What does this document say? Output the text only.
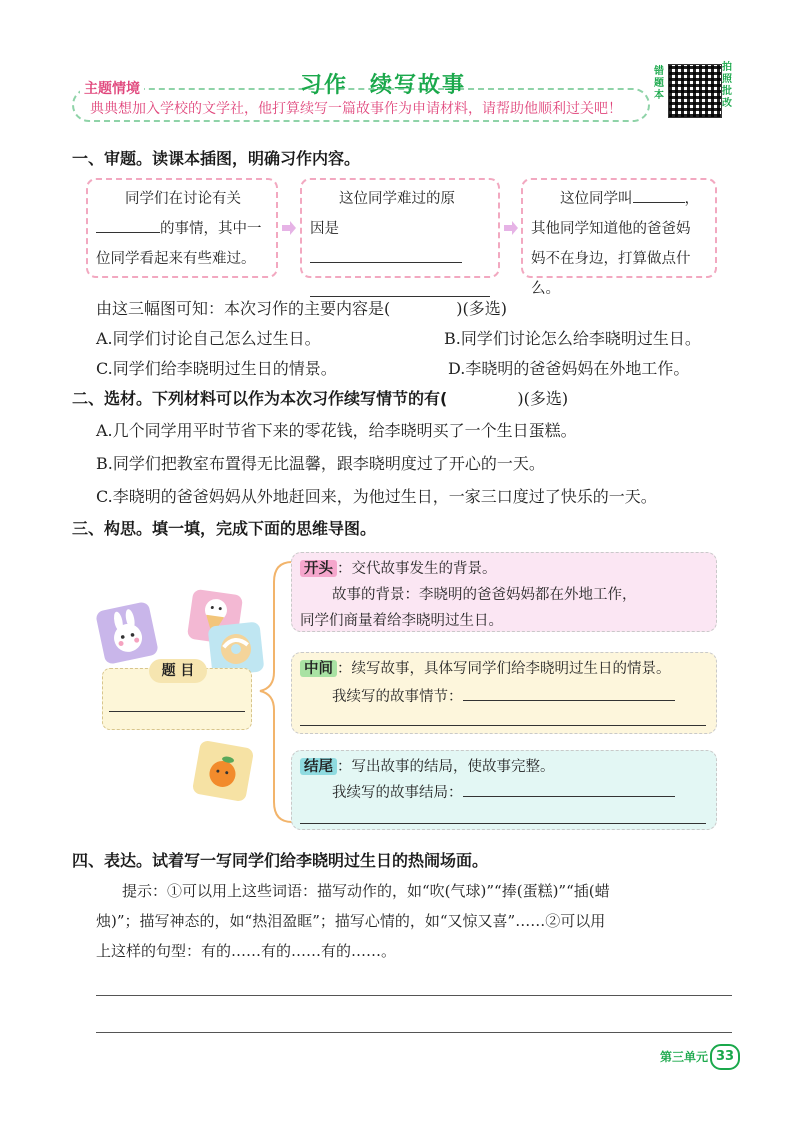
主题情境	习作 续写故事
典典想加入学校的文学社，他打算续写一篇故事作为申请材料，请帮助他顺利过关吧！
错题本
拍照批改
一、审题。读课本插图，明确习作内容。
同学们在讨论有关
的事情，其中一
位同学看起来有些难过。
这位同学难过的原
因是
这位同学叫	，
其他同学知道他的爸爸妈
妈不在身边，打算做点什么。
由这三幅图可知：本次习作的主要内容是(	)(多选)
A.同学们讨论自己怎么过生日。	B.同学们讨论怎么给李晓明过生日。
C.同学们给李晓明过生日的情景。	D.李晓明的爸爸妈妈在外地工作。
二、选材。下列材料可以作为本次习作续写情节的有(	)(多选)
A.几个同学用平时节省下来的零花钱，给李晓明买了一个生日蛋糕。
B.同学们把教室布置得无比温馨，跟李晓明度过了开心的一天。
C.李晓明的爸爸妈妈从外地赶回来，为他过生日，一家三口度过了快乐的一天。
三、构思。填一填，完成下面的思维导图。
题 目
开头 ：交代故事发生的背景。
故事的背景：李晓明的爸爸妈妈都在外地工作，
同学们商量着给李晓明过生日。
中间 ：续写故事，具体写同学们给李晓明过生日的情景。
我续写的故事情节：
结尾 ：写出故事的结局，使故事完整。
我续写的故事结局：
四、表达。试着写一写同学们给李晓明过生日的热闹场面。
提示：①可以用上这些词语：描写动作的，如“吹(气球)”“捧(蛋糕)”“插(蜡
烛)”；描写神态的，如“热泪盈眶”；描写心情的，如“又惊又喜”……②可以用
上这样的句型：有的……有的……有的……。
第三单元 33
